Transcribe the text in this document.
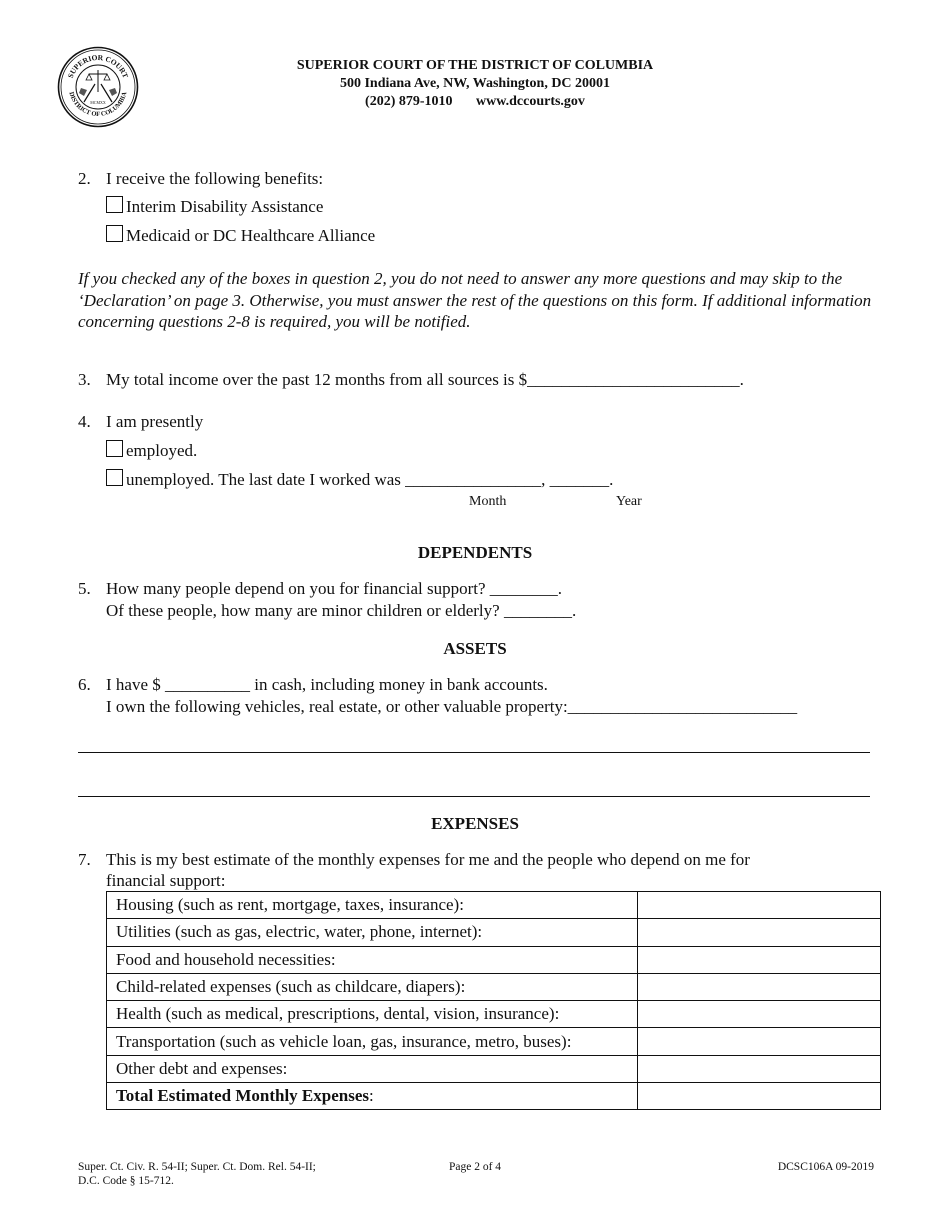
SUPERIOR COURT
DISTRICT OF COLUMBIA
MCMXX
SUPERIOR COURT OF THE DISTRICT OF COLUMBIA
500 Indiana Ave, NW, Washington, DC 20001
(202) 879-1010 www.dccourts.gov
2. I receive the following benefits:
Interim Disability Assistance
Medicaid or DC Healthcare Alliance
If you checked any of the boxes in question 2, you do not need to answer any more questions and may skip to the ‘Declaration’ on page 3. Otherwise, you must answer the rest of the questions on this form. If additional information concerning questions 2-8 is required, you will be notified.
3. My total income over the past 12 months from all sources is $_________________________.
4. I am presently
employed.
unemployed. The last date I worked was ________________, _______.
Month	Year
DEPENDENTS
5. How many people depend on you for financial support? ________.
Of these people, how many are minor children or elderly? ________.
ASSETS
6. I have $ __________ in cash, including money in bank accounts.
I own the following vehicles, real estate, or other valuable property:___________________________
EXPENSES
7. This is my best estimate of the monthly expenses for me and the people who depend on me for
financial support:
Housing (such as rent, mortgage, taxes, insurance):	
Utilities (such as gas, electric, water, phone, internet):	
Food and household necessities:	
Child-related expenses (such as childcare, diapers):	
Health (such as medical, prescriptions, dental, vision, insurance):	
Transportation (such as vehicle loan, gas, insurance, metro, buses):	
Other debt and expenses:	
Total Estimated Monthly Expenses:	
Super. Ct. Civ. R. 54-II; Super. Ct. Dom. Rel. 54-II;
D.C. Code § 15-712.
Page 2 of 4	DCSC106A 09-2019
